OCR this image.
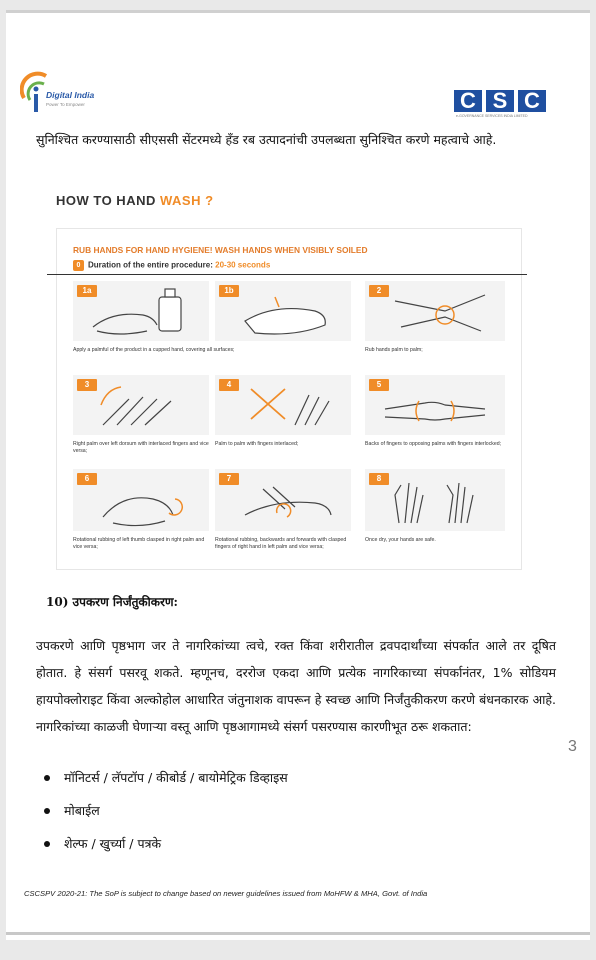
Digital India
Power To Empower	C S C
e-GOVERNANCE SERVICES INDIA LIMITED
सुनिश्चित करण्यासाठी सीएससी सेंटरमध्ये हँड रब उत्पादनांची उपलब्धता सुनिश्चित करणे महत्वाचे आहे.
HOW TO HAND WASH ?
RUB HANDS FOR HAND HYGIENE! WASH HANDS WHEN VISIBLY SOILED
0 Duration of the entire procedure: 20-30 seconds
1a	1b	2
Apply a palmful of the product in a cupped hand, covering all surfaces;	Rub hands palm to palm;
3	4	5
Right palm over left dorsum with interlaced fingers and vice versa;
Palm to palm with fingers interlaced;	Backs of fingers to opposing palms with fingers interlocked;
6	7	8
Rotational rubbing of left thumb clasped in right palm and vice versa;
Rotational rubbing, backwards and forwards with clasped fingers of right hand in left palm and vice versa;
Once dry, your hands are safe.
10) उपकरण निर्जंतुकीकरण:
उपकरणे आणि पृष्ठभाग जर ते नागरिकांच्या त्वचे, रक्त किंवा शरीरातील द्रवपदार्थांच्या संपर्कात आले तर दूषित होतात. हे संसर्ग पसरवू शकते. म्हणूनच, दररोज एकदा आणि प्रत्येक नागरिकाच्या संपर्कानंतर, 1% सोडियम हायपोक्लोराइट किंवा अल्कोहोल आधारित जंतुनाशक वापरून हे स्वच्छ आणि निर्जंतुकीकरण करणे बंधनकारक आहे. नागरिकांच्या काळजी घेणाऱ्या वस्तू आणि पृष्ठआगामध्ये संसर्ग पसरण्यास कारणीभूत ठरू शकतात:
मॉनिटर्स / लॅपटॉप / कीबोर्ड / बायोमेट्रिक डिव्हाइस
मोबाईल
शेल्फ / खुर्च्या / पत्रके
3
CSCSPV 2020-21: The SoP is subject to change based on newer guidelines issued from MoHFW & MHA, Govt. of India
